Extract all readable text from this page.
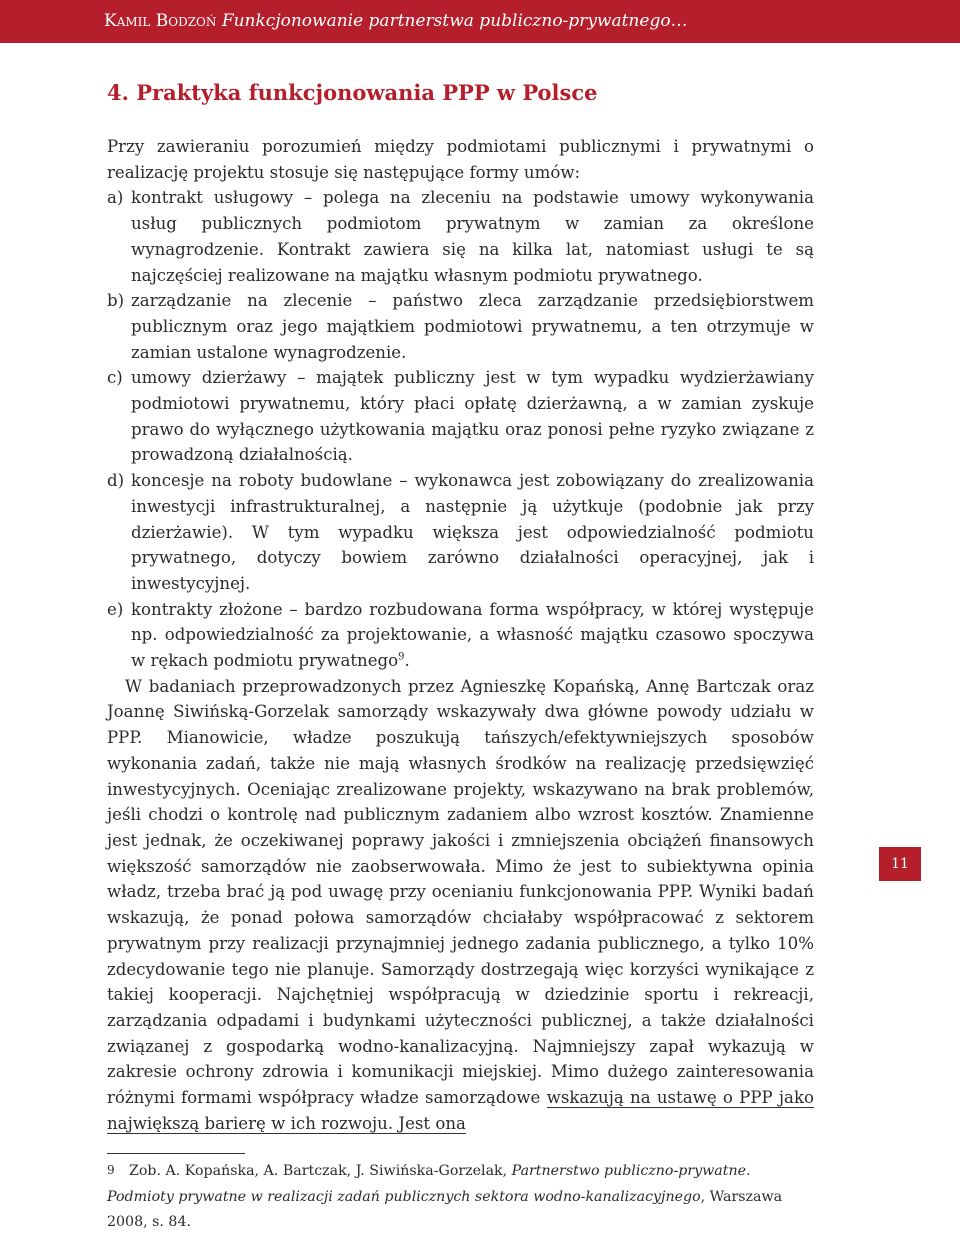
Kamil Bodzoń Funkcjonowanie partnerstwa publiczno-prywatnego…
4. Praktyka funkcjonowania PPP w Polsce

Przy zawieraniu porozumień między podmiotami publicznymi i prywatnymi o realizację projektu stosuje się następujące formy umów:

a) kontrakt usługowy – polega na zleceniu na podstawie umowy wykonywania usług publicznych podmiotom prywatnym w zamian za określone wynagrodzenie. Kontrakt zawiera się na kilka lat, natomiast usługi te są najczęściej realizowane na majątku własnym podmiotu prywatnego.
b) zarządzanie na zlecenie – państwo zleca zarządzanie przedsiębiorstwem publicznym oraz jego majątkiem podmiotowi prywatnemu, a ten otrzymuje w zamian ustalone wynagrodzenie.
c) umowy dzierżawy – majątek publiczny jest w tym wypadku wydzierżawiany podmiotowi prywatnemu, który płaci opłatę dzierżawną, a w zamian zyskuje prawo do wyłącznego użytkowania majątku oraz ponosi pełne ryzyko związane z prowadzoną działalnością.
d) koncesje na roboty budowlane – wykonawca jest zobowiązany do zrealizowania inwestycji infrastrukturalnej, a następnie ją użytkuje (podobnie jak przy dzierżawie). W tym wypadku większa jest odpowiedzialność podmiotu prywatnego, dotyczy bowiem zarówno działalności operacyjnej, jak i inwestycyjnej.
e) kontrakty złożone – bardzo rozbudowana forma współpracy, w której występuje np. odpowiedzialność za projektowanie, a własność majątku czasowo spoczywa w rękach podmiotu prywatnego$^9$.

W badaniach przeprowadzonych przez Agnieszkę Kopańską, Annę Bartczak oraz Joannę Siwińską-Gorzelak samorządy wskazywały dwa główne powody udziału w PPP. Mianowicie, władze poszukują tańszych/efektywniejszych sposobów wykonania zadań, także nie mają własnych środków na realizację przedsięwzięć inwestycyjnych. Oceniając zrealizowane projekty, wskazywano na brak problemów, jeśli chodzi o kontrolę nad publicznym zadaniem albo wzrost kosztów. Znamienne jest jednak, że oczekiwanej poprawy jakości i zmniejszenia obciążeń finansowych większość samorządów nie zaobserwowała. Mimo że jest to subiektywna opinia władz, trzeba brać ją pod uwagę przy ocenianiu funkcjonowania PPP. Wyniki badań wskazują, że ponad połowa samorządów chciałaby współpracować z sektorem prywatnym przy realizacji przynajmniej jednego zadania publicznego, a tylko 10% zdecydowanie tego nie planuje. Samorządy dostrzegają więc korzyści wynikające z takiej kooperacji. Najchętniej współpracują w dziedzinie sportu i rekreacji, zarządzania odpadami i budynkami użyteczności publicznej, a także działalności związanej z gospodarką wodno-kanalizacyjną. Najmniejszy zapał wykazują w zakresie ochrony zdrowia i komunikacji miejskiej. Mimo dużego zainteresowania różnymi formami współpracy władze samorządowe wskazują na ustawę o PPP jako największą barierę w ich rozwoju. Jest ona

9 Zob. A. Kopańska, A. Bartczak, J. Siwińska-Gorzelak, Partnerstwo publiczno-prywatne. Podmioty prywatne w realizacji zadań publicznych sektora wodno-kanalizacyjnego, Warszawa 2008, s. 84.
11
